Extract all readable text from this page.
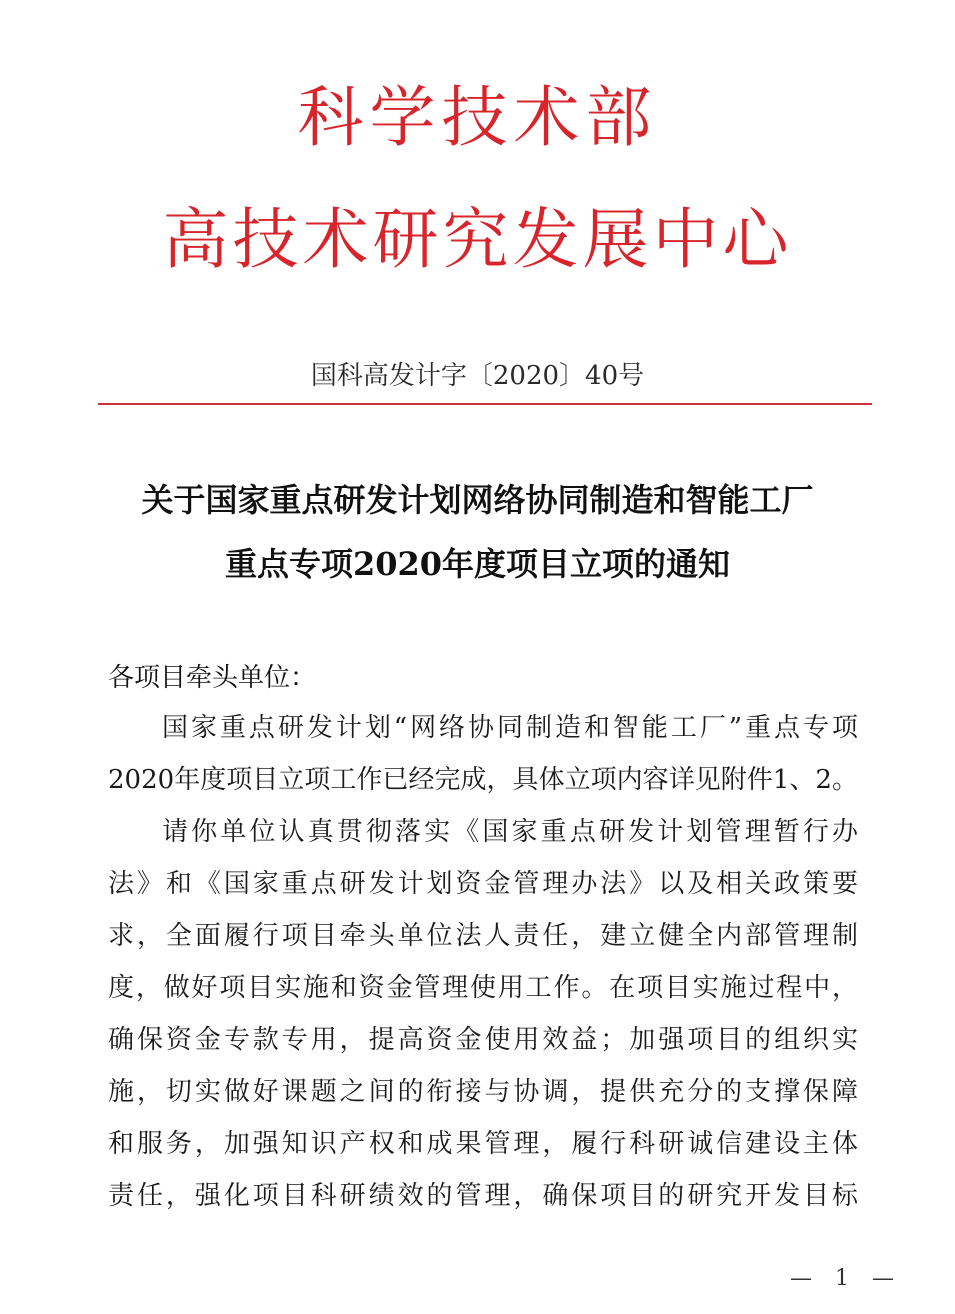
科学技术部
高技术研究发展中心
国科高发计字〔2020〕40号
关于国家重点研发计划网络协同制造和智能工厂
重点专项2020年度项目立项的通知
各项目牵头单位：
国家重点研发计划“网络协同制造和智能工厂”重点专项
2020年度项目立项工作已经完成，具体立项内容详见附件1、2。
请你单位认真贯彻落实《国家重点研发计划管理暂行办
法》和《国家重点研发计划资金管理办法》以及相关政策要
求，全面履行项目牵头单位法人责任，建立健全内部管理制
度，做好项目实施和资金管理使用工作。在项目实施过程中，
确保资金专款专用，提高资金使用效益；加强项目的组织实
施，切实做好课题之间的衔接与协调，提供充分的支撑保障
和服务，加强知识产权和成果管理，履行科研诚信建设主体
责任，强化项目科研绩效的管理，确保项目的研究开发目标
— 1 —
